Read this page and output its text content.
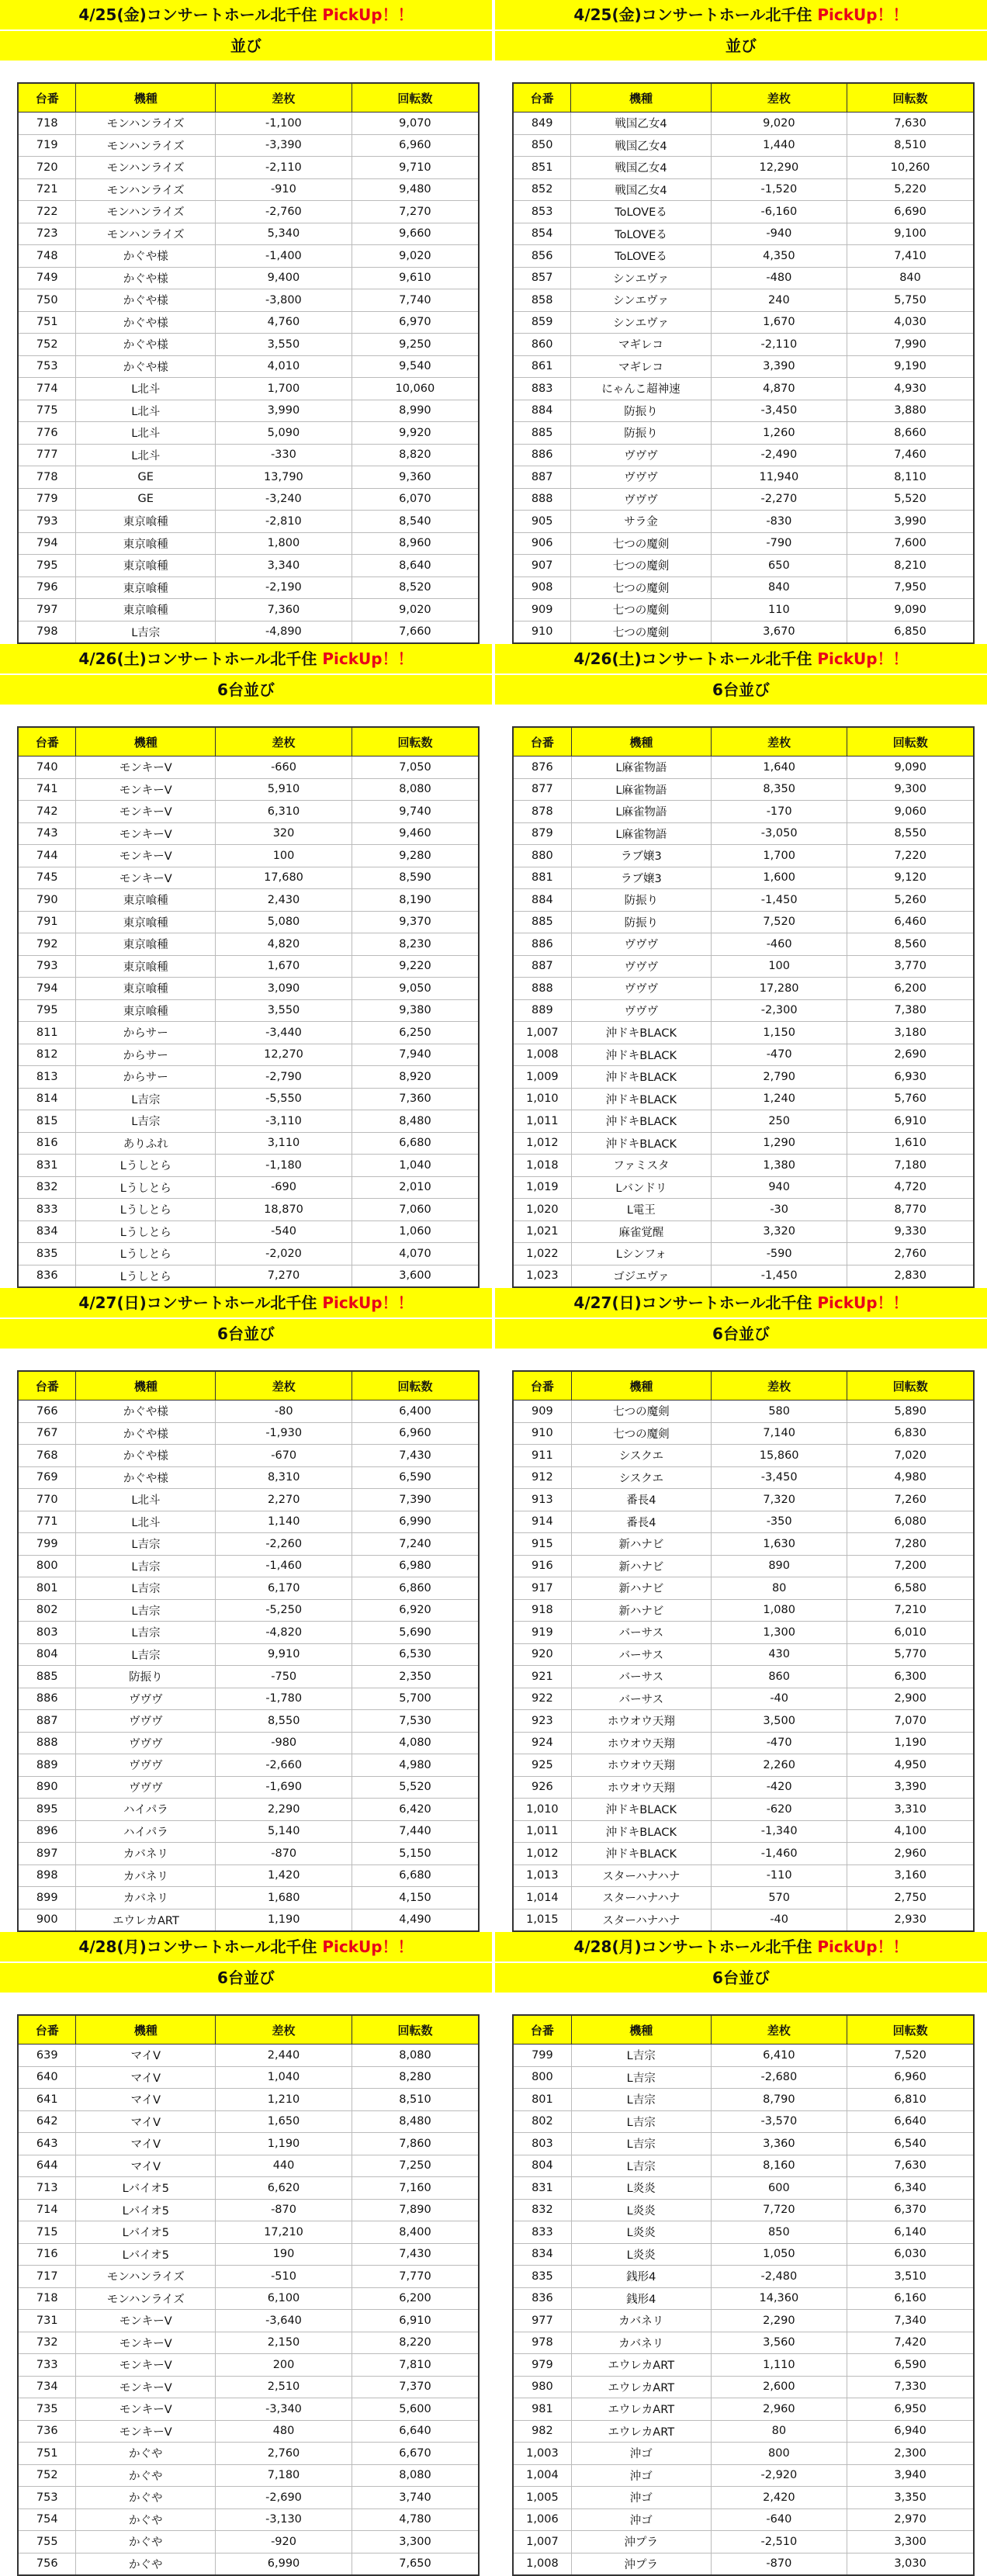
4/25(金)コンサートホール北千住 PickUp！！
並び
台番	機種	差枚	回転数
718	モンハンライズ	-1,100	9,070
719	モンハンライズ	-3,390	6,960
720	モンハンライズ	-2,110	9,710
721	モンハンライズ	-910	9,480
722	モンハンライズ	-2,760	7,270
723	モンハンライズ	5,340	9,660
748	かぐや様	-1,400	9,020
749	かぐや様	9,400	9,610
750	かぐや様	-3,800	7,740
751	かぐや様	4,760	6,970
752	かぐや様	3,550	9,250
753	かぐや様	4,010	9,540
774	L北斗	1,700	10,060
775	L北斗	3,990	8,990
776	L北斗	5,090	9,920
777	L北斗	-330	8,820
778	GE	13,790	9,360
779	GE	-3,240	6,070
793	東京喰種	-2,810	8,540
794	東京喰種	1,800	8,960
795	東京喰種	3,340	8,640
796	東京喰種	-2,190	8,520
797	東京喰種	7,360	9,020
798	L吉宗	-4,890	7,660
4/25(金)コンサートホール北千住 PickUp！！
並び
台番	機種	差枚	回転数
849	戦国乙女4	9,020	7,630
850	戦国乙女4	1,440	8,510
851	戦国乙女4	12,290	10,260
852	戦国乙女4	-1,520	5,220
853	ToLOVEる	-6,160	6,690
854	ToLOVEる	-940	9,100
856	ToLOVEる	4,350	7,410
857	シンエヴァ	-480	840
858	シンエヴァ	240	5,750
859	シンエヴァ	1,670	4,030
860	マギレコ	-2,110	7,990
861	マギレコ	3,390	9,190
883	にゃんこ超神速	4,870	4,930
884	防振り	-3,450	3,880
885	防振り	1,260	8,660
886	ヴヴヴ	-2,490	7,460
887	ヴヴヴ	11,940	8,110
888	ヴヴヴ	-2,270	5,520
905	サラ金	-830	3,990
906	七つの魔剣	-790	7,600
907	七つの魔剣	650	8,210
908	七つの魔剣	840	7,950
909	七つの魔剣	110	9,090
910	七つの魔剣	3,670	6,850
4/26(土)コンサートホール北千住 PickUp！！
6台並び
台番	機種	差枚	回転数
740	モンキーV	-660	7,050
741	モンキーV	5,910	8,080
742	モンキーV	6,310	9,740
743	モンキーV	320	9,460
744	モンキーV	100	9,280
745	モンキーV	17,680	8,590
790	東京喰種	2,430	8,190
791	東京喰種	5,080	9,370
792	東京喰種	4,820	8,230
793	東京喰種	1,670	9,220
794	東京喰種	3,090	9,050
795	東京喰種	3,550	9,380
811	からサー	-3,440	6,250
812	からサー	12,270	7,940
813	からサー	-2,790	8,920
814	L吉宗	-5,550	7,360
815	L吉宗	-3,110	8,480
816	ありふれ	3,110	6,680
831	Lうしとら	-1,180	1,040
832	Lうしとら	-690	2,010
833	Lうしとら	18,870	7,060
834	Lうしとら	-540	1,060
835	Lうしとら	-2,020	4,070
836	Lうしとら	7,270	3,600
4/26(土)コンサートホール北千住 PickUp！！
6台並び
台番	機種	差枚	回転数
876	L麻雀物語	1,640	9,090
877	L麻雀物語	8,350	9,300
878	L麻雀物語	-170	9,060
879	L麻雀物語	-3,050	8,550
880	ラブ嬢3	1,700	7,220
881	ラブ嬢3	1,600	9,120
884	防振り	-1,450	5,260
885	防振り	7,520	6,460
886	ヴヴヴ	-460	8,560
887	ヴヴヴ	100	3,770
888	ヴヴヴ	17,280	6,200
889	ヴヴヴ	-2,300	7,380
1,007	沖ドキBLACK	1,150	3,180
1,008	沖ドキBLACK	-470	2,690
1,009	沖ドキBLACK	2,790	6,930
1,010	沖ドキBLACK	1,240	5,760
1,011	沖ドキBLACK	250	6,910
1,012	沖ドキBLACK	1,290	1,610
1,018	ファミスタ	1,380	7,180
1,019	Lバンドリ	940	4,720
1,020	L電王	-30	8,770
1,021	麻雀覚醒	3,320	9,330
1,022	Lシンフォ	-590	2,760
1,023	ゴジエヴァ	-1,450	2,830
4/27(日)コンサートホール北千住 PickUp！！
6台並び
台番	機種	差枚	回転数
766	かぐや様	-80	6,400
767	かぐや様	-1,930	6,960
768	かぐや様	-670	7,430
769	かぐや様	8,310	6,590
770	L北斗	2,270	7,390
771	L北斗	1,140	6,990
799	L吉宗	-2,260	7,240
800	L吉宗	-1,460	6,980
801	L吉宗	6,170	6,860
802	L吉宗	-5,250	6,920
803	L吉宗	-4,820	5,690
804	L吉宗	9,910	6,530
885	防振り	-750	2,350
886	ヴヴヴ	-1,780	5,700
887	ヴヴヴ	8,550	7,530
888	ヴヴヴ	-980	4,080
889	ヴヴヴ	-2,660	4,980
890	ヴヴヴ	-1,690	5,520
895	ハイパラ	2,290	6,420
896	ハイパラ	5,140	7,440
897	カバネリ	-870	5,150
898	カバネリ	1,420	6,680
899	カバネリ	1,680	4,150
900	エウレカART	1,190	4,490
4/27(日)コンサートホール北千住 PickUp！！
6台並び
台番	機種	差枚	回転数
909	七つの魔剣	580	5,890
910	七つの魔剣	7,140	6,830
911	シスクエ	15,860	7,020
912	シスクエ	-3,450	4,980
913	番長4	7,320	7,260
914	番長4	-350	6,080
915	新ハナビ	1,630	7,280
916	新ハナビ	890	7,200
917	新ハナビ	80	6,580
918	新ハナビ	1,080	7,210
919	バーサス	1,300	6,010
920	バーサス	430	5,770
921	バーサス	860	6,300
922	バーサス	-40	2,900
923	ホウオウ天翔	3,500	7,070
924	ホウオウ天翔	-470	1,190
925	ホウオウ天翔	2,260	4,950
926	ホウオウ天翔	-420	3,390
1,010	沖ドキBLACK	-620	3,310
1,011	沖ドキBLACK	-1,340	4,100
1,012	沖ドキBLACK	-1,460	2,960
1,013	スターハナハナ	-110	3,160
1,014	スターハナハナ	570	2,750
1,015	スターハナハナ	-40	2,930
4/28(月)コンサートホール北千住 PickUp！！
6台並び
台番	機種	差枚	回転数
639	マイV	2,440	8,080
640	マイV	1,040	8,280
641	マイV	1,210	8,510
642	マイV	1,650	8,480
643	マイV	1,190	7,860
644	マイV	440	7,250
713	Lバイオ5	6,620	7,160
714	Lバイオ5	-870	7,890
715	Lバイオ5	17,210	8,400
716	Lバイオ5	190	7,430
717	モンハンライズ	-510	7,770
718	モンハンライズ	6,100	6,200
731	モンキーV	-3,640	6,910
732	モンキーV	2,150	8,220
733	モンキーV	200	7,810
734	モンキーV	2,510	7,370
735	モンキーV	-3,340	5,600
736	モンキーV	480	6,640
751	かぐや	2,760	6,670
752	かぐや	7,180	8,080
753	かぐや	-2,690	3,740
754	かぐや	-3,130	4,780
755	かぐや	-920	3,300
756	かぐや	6,990	7,650
4/28(月)コンサートホール北千住 PickUp！！
6台並び
台番	機種	差枚	回転数
799	L吉宗	6,410	7,520
800	L吉宗	-2,680	6,960
801	L吉宗	8,790	6,810
802	L吉宗	-3,570	6,640
803	L吉宗	3,360	6,540
804	L吉宗	8,160	7,630
831	L炎炎	600	6,340
832	L炎炎	7,720	6,370
833	L炎炎	850	6,140
834	L炎炎	1,050	6,030
835	銭形4	-2,480	3,510
836	銭形4	14,360	6,160
977	カバネリ	2,290	7,340
978	カバネリ	3,560	7,420
979	エウレカART	1,110	6,590
980	エウレカART	2,600	7,330
981	エウレカART	2,960	6,950
982	エウレカART	80	6,940
1,003	沖ゴ	800	2,300
1,004	沖ゴ	-2,920	3,940
1,005	沖ゴ	2,420	3,350
1,006	沖ゴ	-640	2,970
1,007	沖プラ	-2,510	3,300
1,008	沖プラ	-870	3,030
